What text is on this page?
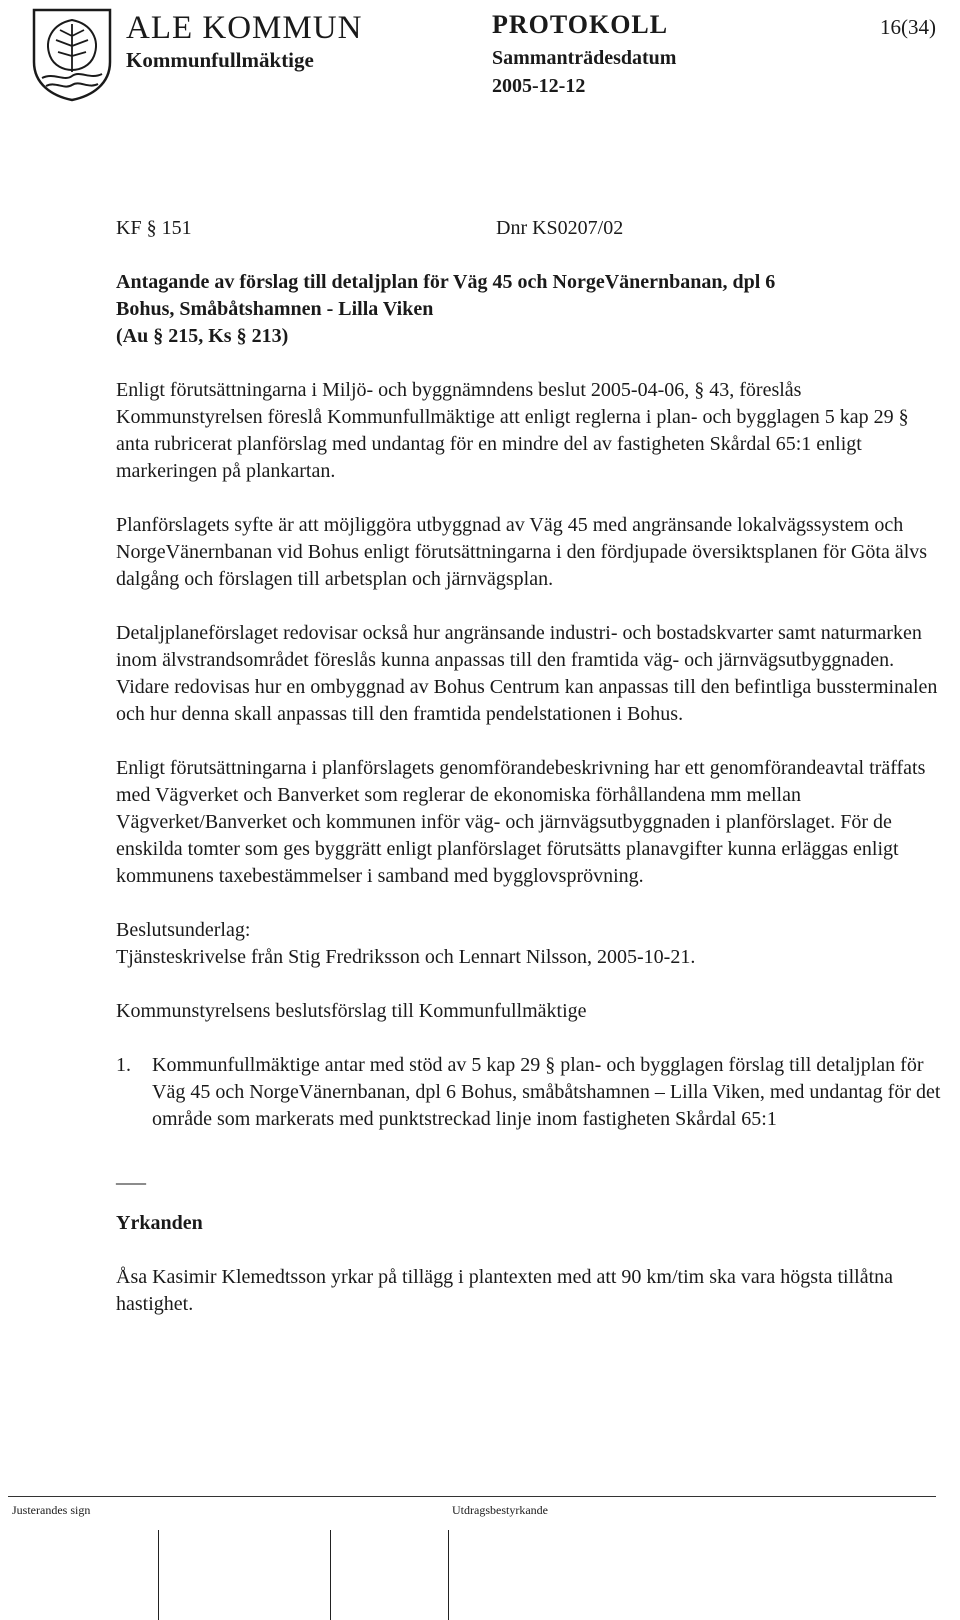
ALE KOMMUN
Kommunfullmäktige
PROTOKOLL	16(34)
Sammanträdesdatum
2005-12-12
KF § 151	Dnr KS0207/02

Antagande av förslag till detaljplan för Väg 45 och NorgeVänernbanan, dpl 6
Bohus, Småbåtshamnen - Lilla Viken
(Au § 215, Ks § 213)

Enligt förutsättningarna i Miljö- och byggnämndens beslut 2005-04-06, § 43, föreslås Kommunstyrelsen föreslå Kommunfullmäktige att enligt reglerna i plan- och bygglagen 5 kap 29 § anta rubricerat planförslag med undantag för en mindre del av fastigheten Skårdal 65:1 enligt markeringen på plankartan.

Planförslagets syfte är att möjliggöra utbyggnad av Väg 45 med angränsande lokalvägssystem och NorgeVänernbanan vid Bohus enligt förutsättningarna i den fördjupade översiktsplanen för Göta älvs dalgång och förslagen till arbetsplan och järnvägsplan.

Detaljplaneförslaget redovisar också hur angränsande industri- och bostadskvarter samt naturmarken inom älvstrandsområdet föreslås kunna anpassas till den framtida väg- och järnvägsutbyggnaden. Vidare redovisas hur en ombyggnad av Bohus Centrum kan anpassas till den befintliga bussterminalen och hur denna skall anpassas till den framtida pendelstationen i Bohus.

Enligt förutsättningarna i planförslagets genomförandebeskrivning har ett genomförandeavtal träffats med Vägverket och Banverket som reglerar de ekonomiska förhållandena mm mellan Vägverket/Banverket och kommunen inför väg- och järnvägsutbyggnaden i planförslaget. För de enskilda tomter som ges byggrätt enligt planförslaget förutsätts planavgifter kunna erläggas enligt kommunens taxebestämmelser i samband med bygglovsprövning.

Beslutsunderlag:

Tjänsteskrivelse från Stig Fredriksson och Lennart Nilsson, 2005-10-21.

Kommunstyrelsens beslutsförslag till Kommunfullmäktige

1.	Kommunfullmäktige antar med stöd av 5 kap 29 § plan- och bygglagen förslag till detaljplan för Väg 45 och NorgeVänernbanan, dpl 6 Bohus, småbåtshamnen – Lilla Viken, med undantag för det område som markerats med punktstreckad linje inom fastigheten Skårdal 65:1
___

Yrkanden

Åsa Kasimir Klemedtsson yrkar på tillägg i plantexten med att 90 km/tim ska vara högsta tillåtna hastighet.

Justerandes sign	Utdragsbestyrkande
